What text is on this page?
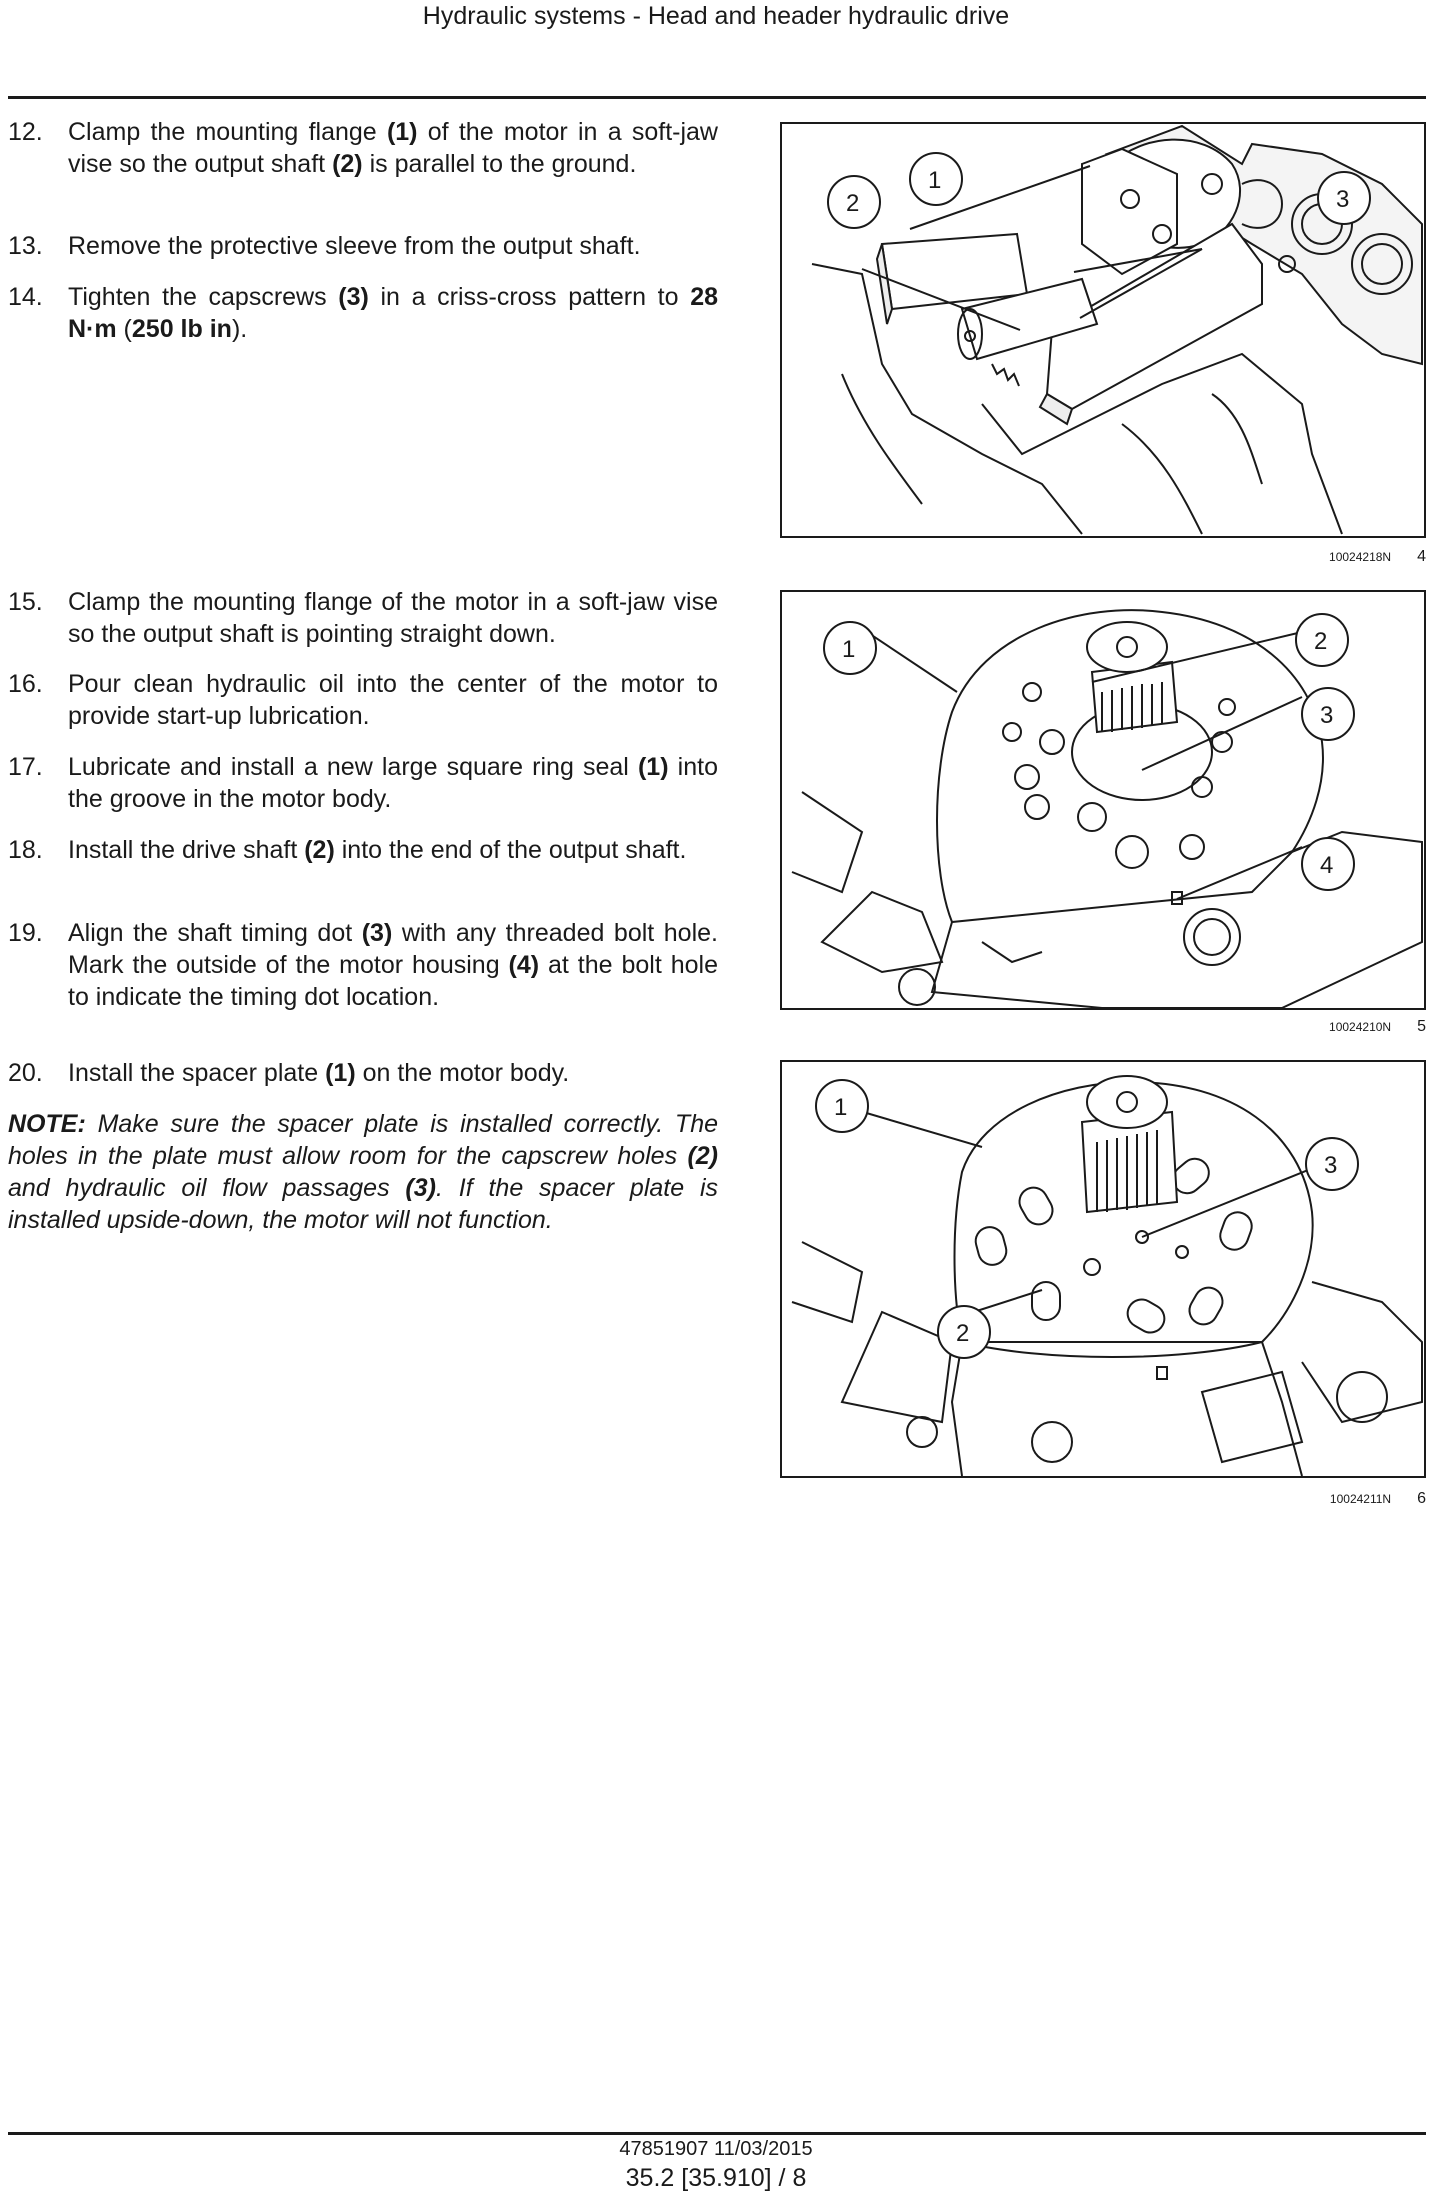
Hydraulic systems - Head and header hydraulic drive
12. Clamp the mounting flange (1) of the motor in a soft-jaw vise so the output shaft (2) is parallel to the ground.
13. Remove the protective sleeve from the output shaft.
14. Tighten the capscrews (3) in a criss-cross pattern to 28 N·m (250 lb in).
1
2	3
10024218N 4
15. Clamp the mounting flange of the motor in a soft-jaw vise so the output shaft is pointing straight down.
16. Pour clean hydraulic oil into the center of the motor to provide start-up lubrication.
17. Lubricate and install a new large square ring seal (1) into the groove in the motor body.
18. Install the drive shaft (2) into the end of the output shaft.
19. Align the shaft timing dot (3) with any threaded bolt hole. Mark the outside of the motor housing (4) at the bolt hole to indicate the timing dot location.
1	2
3
4
10024210N 5
20. Install the spacer plate (1) on the motor body.
NOTE: Make sure the spacer plate is installed correctly. The holes in the plate must allow room for the capscrew holes (2) and hydraulic oil flow passages (3). If the spacer plate is installed upside-down, the motor will not function.
1
3
2
10024211N 6
47851907 11/03/2015
35.2 [35.910] / 8
